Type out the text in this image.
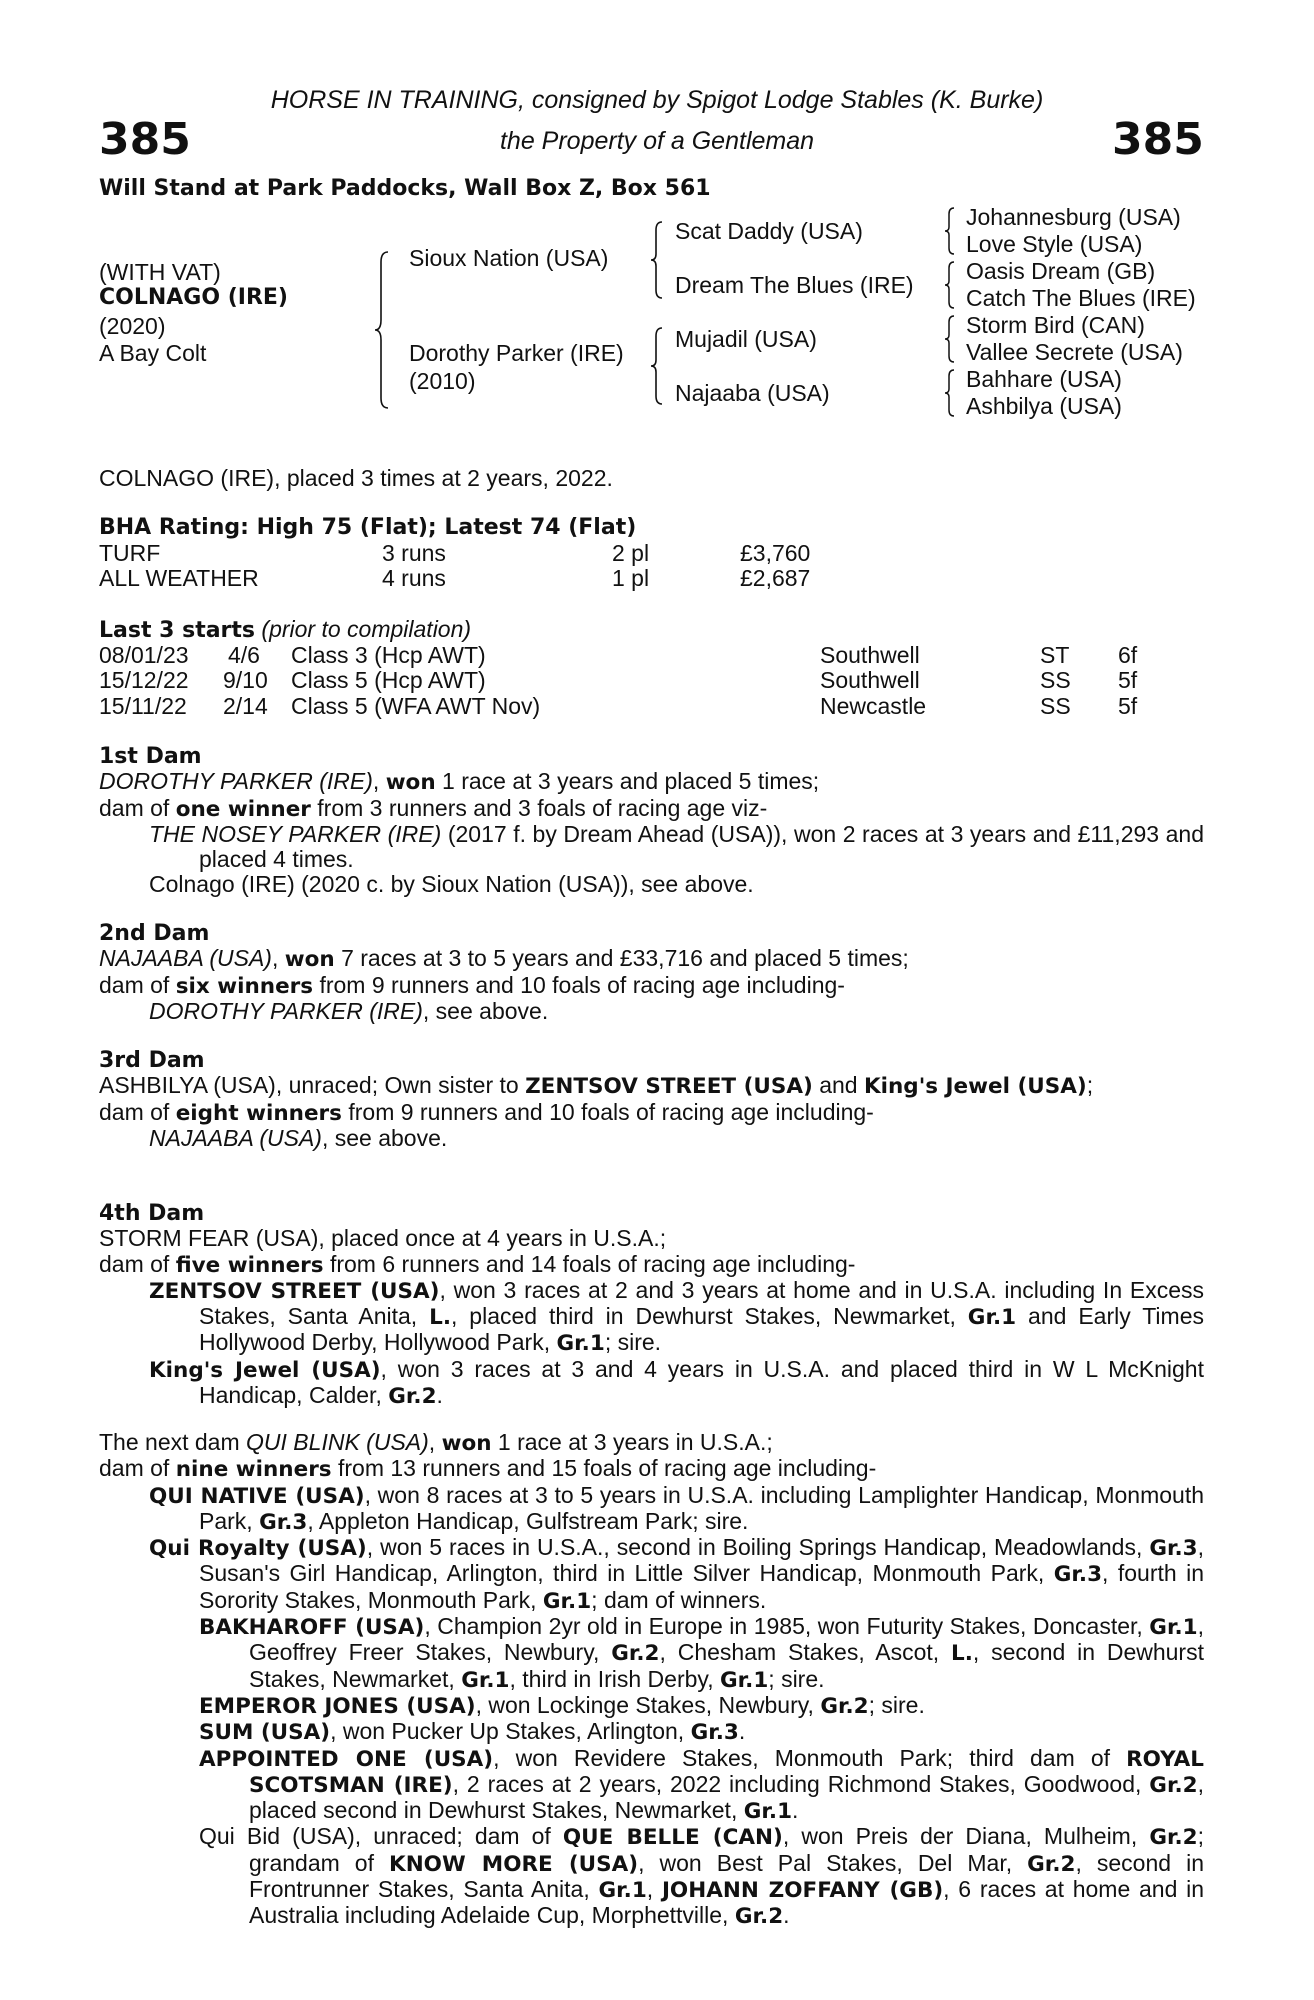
385	385
HORSE IN TRAINING, consigned by Spigot Lodge Stables (K. Burke)
the Property of a Gentleman
Will Stand at Park Paddocks, Wall Box Z, Box 561
(WITH VAT)
COLNAGO (IRE)
(2020)
A Bay Colt
Sioux Nation (USA)
Dorothy Parker (IRE)
(2010)
Scat Daddy (USA)
Dream The Blues (IRE)
Mujadil (USA)
Najaaba (USA)
Johannesburg (USA)
Love Style (USA)
Oasis Dream (GB)
Catch The Blues (IRE)
Storm Bird (CAN)
Vallee Secrete (USA)
Bahhare (USA)
Ashbilya (USA)
COLNAGO (IRE), placed 3 times at 2 years, 2022.
BHA Rating: High 75 (Flat); Latest 74 (Flat)
TURF	3 runs	2 pl	£3,760
ALL WEATHER	4 runs	1 pl	£2,687
Last 3 starts (prior to compilation)
08/01/23 4/6 Class 3 (Hcp AWT)	Southwell	ST 6f
15/12/22 9/10 Class 5 (Hcp AWT)	Southwell	SS 5f
15/11/22 2/14 Class 5 (WFA AWT Nov)	Newcastle	SS 5f

1st Dam

DOROTHY PARKER (IRE), won 1 race at 3 years and placed 5 times;

dam of one winner from 3 runners and 3 foals of racing age viz-

THE NOSEY PARKER (IRE) (2017 f. by Dream Ahead (USA)), won 2 races at 3 years and £11,293 and placed 4 times.

Colnago (IRE) (2020 c. by Sioux Nation (USA)), see above.

2nd Dam

NAJAABA (USA), won 7 races at 3 to 5 years and £33,716 and placed 5 times;

dam of six winners from 9 runners and 10 foals of racing age including-

DOROTHY PARKER (IRE), see above.

3rd Dam

ASHBILYA (USA), unraced; Own sister to ZENTSOV STREET (USA) and King's Jewel (USA);

dam of eight winners from 9 runners and 10 foals of racing age including-

NAJAABA (USA), see above.

4th Dam

STORM FEAR (USA), placed once at 4 years in U.S.A.;

dam of five winners from 6 runners and 14 foals of racing age including-

ZENTSOV STREET (USA), won 3 races at 2 and 3 years at home and in U.S.A. including In Excess Stakes, Santa Anita, L., placed third in Dewhurst Stakes, Newmarket, Gr.1 and Early Times Hollywood Derby, Hollywood Park, Gr.1; sire.

King's Jewel (USA), won 3 races at 3 and 4 years in U.S.A. and placed third in W L McKnight Handicap, Calder, Gr.2.

The next dam QUI BLINK (USA), won 1 race at 3 years in U.S.A.;

dam of nine winners from 13 runners and 15 foals of racing age including-

QUI NATIVE (USA), won 8 races at 3 to 5 years in U.S.A. including Lamplighter Handicap, Monmouth Park, Gr.3, Appleton Handicap, Gulfstream Park; sire.

Qui Royalty (USA), won 5 races in U.S.A., second in Boiling Springs Handicap, Meadowlands, Gr.3, Susan's Girl Handicap, Arlington, third in Little Silver Handicap, Monmouth Park, Gr.3, fourth in Sorority Stakes, Monmouth Park, Gr.1; dam of winners.

BAKHAROFF (USA), Champion 2yr old in Europe in 1985, won Futurity Stakes, Doncaster, Gr.1, Geoffrey Freer Stakes, Newbury, Gr.2, Chesham Stakes, Ascot, L., second in Dewhurst Stakes, Newmarket, Gr.1, third in Irish Derby, Gr.1; sire.

EMPEROR JONES (USA), won Lockinge Stakes, Newbury, Gr.2; sire.

SUM (USA), won Pucker Up Stakes, Arlington, Gr.3.

APPOINTED ONE (USA), won Revidere Stakes, Monmouth Park; third dam of ROYAL SCOTSMAN (IRE), 2 races at 2 years, 2022 including Richmond Stakes, Goodwood, Gr.2, placed second in Dewhurst Stakes, Newmarket, Gr.1.

Qui Bid (USA), unraced; dam of QUE BELLE (CAN), won Preis der Diana, Mulheim, Gr.2; grandam of KNOW MORE (USA), won Best Pal Stakes, Del Mar, Gr.2, second in Frontrunner Stakes, Santa Anita, Gr.1, JOHANN ZOFFANY (GB), 6 races at home and in Australia including Adelaide Cup, Morphettville, Gr.2.
